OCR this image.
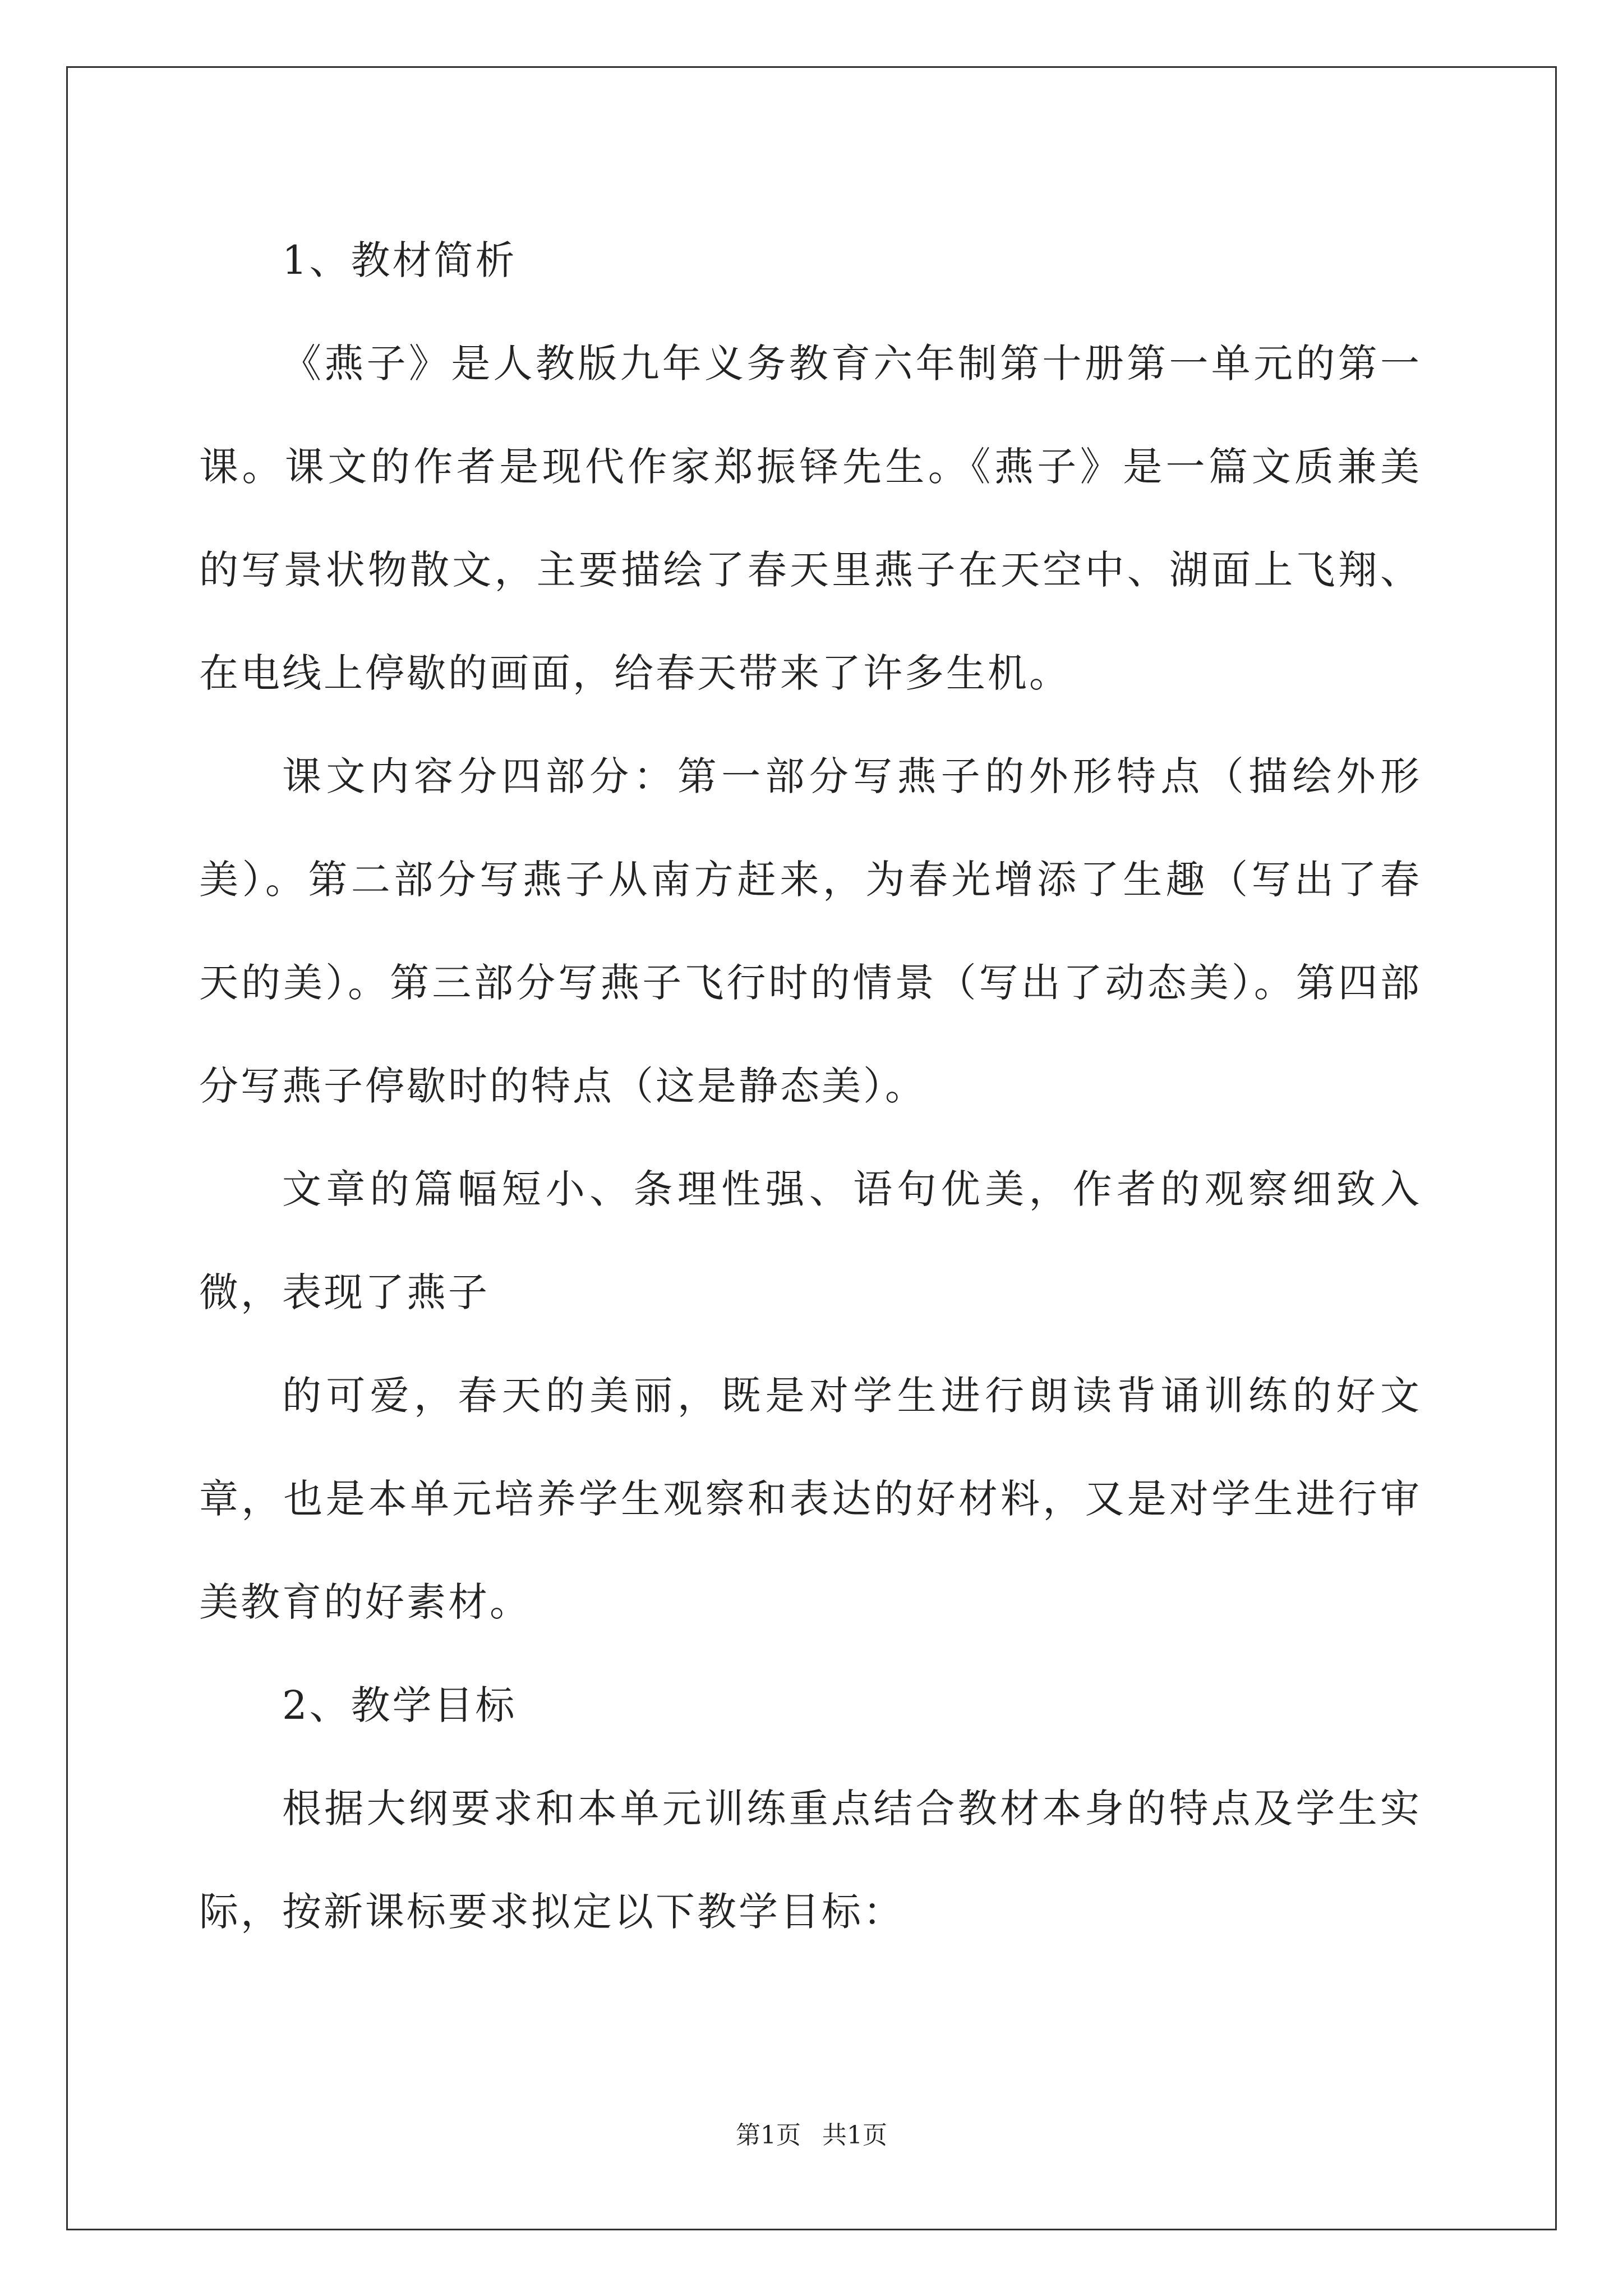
1、教材简析

《燕子》是人教版九年义务教育六年制第十册第一单元的第一课。课文的作者是现代作家郑振铎先生。《燕子》是一篇文质兼美的写景状物散文，主要描绘了春天里燕子在天空中、湖面上飞翔、在电线上停歇的画面，给春天带来了许多生机。

课文内容分四部分：第一部分写燕子的外形特点（描绘外形美）。第二部分写燕子从南方赶来，为春光增添了生趣（写出了春天的美）。第三部分写燕子飞行时的情景（写出了动态美）。第四部分写燕子停歇时的特点（这是静态美）。

文章的篇幅短小、条理性强、语句优美，作者的观察细致入微，表现了燕子

的可爱，春天的美丽，既是对学生进行朗读背诵训练的好文章，也是本单元培养学生观察和表达的好材料，又是对学生进行审美教育的好素材。

2、教学目标

根据大纲要求和本单元训练重点结合教材本身的特点及学生实际，按新课标要求拟定以下教学目标：

第1页 共1页
